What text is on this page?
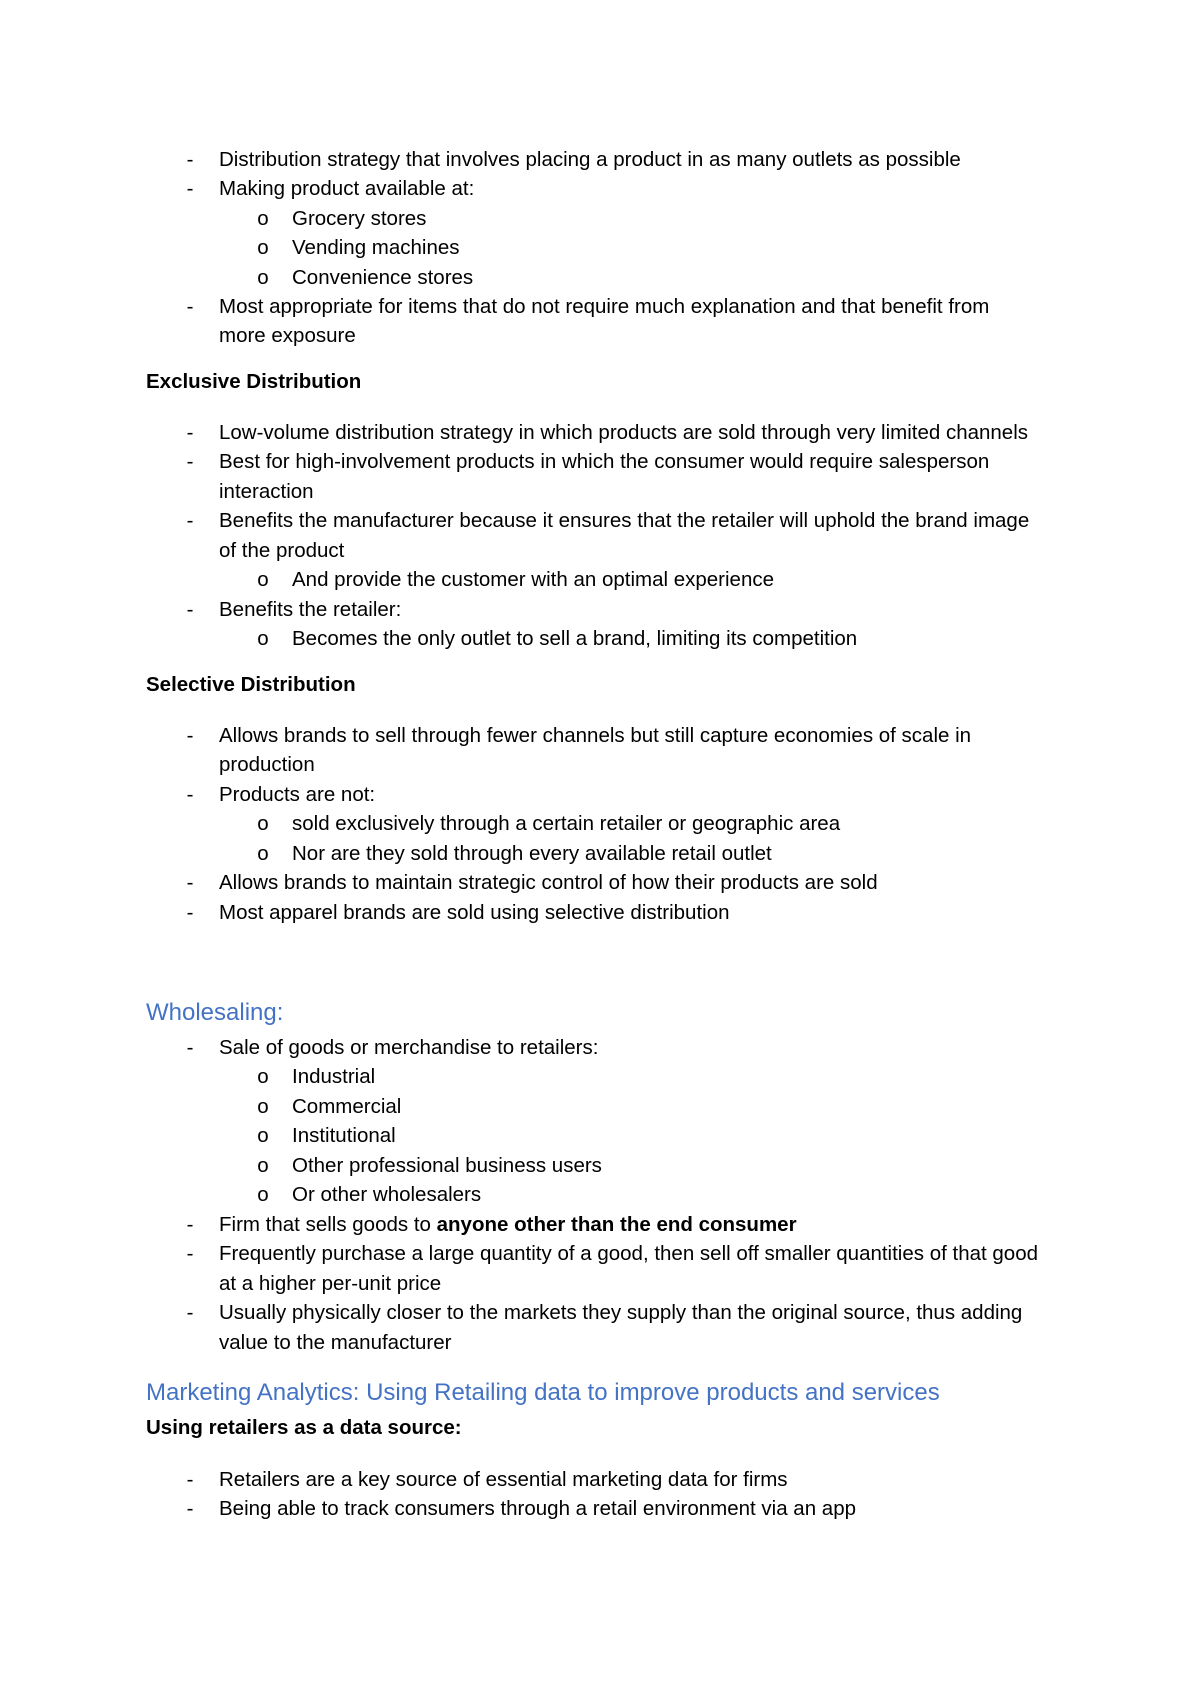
- Distribution strategy that involves placing a product in as many outlets as possible
- Making product available at:
o Grocery stores
o Vending machines
o Convenience stores
- Most appropriate for items that do not require much explanation and that benefit from
more exposure
Exclusive Distribution
- Low-volume distribution strategy in which products are sold through very limited channels
- Best for high-involvement products in which the consumer would require salesperson
interaction
- Benefits the manufacturer because it ensures that the retailer will uphold the brand image
of the product
o And provide the customer with an optimal experience
- Benefits the retailer:
o Becomes the only outlet to sell a brand, limiting its competition
Selective Distribution
- Allows brands to sell through fewer channels but still capture economies of scale in
production
- Products are not:
o sold exclusively through a certain retailer or geographic area
o Nor are they sold through every available retail outlet
- Allows brands to maintain strategic control of how their products are sold
- Most apparel brands are sold using selective distribution
Wholesaling:
- Sale of goods or merchandise to retailers:
o Industrial
o Commercial
o Institutional
o Other professional business users
o Or other wholesalers
- Firm that sells goods to anyone other than the end consumer
- Frequently purchase a large quantity of a good, then sell off smaller quantities of that good
at a higher per-unit price
- Usually physically closer to the markets they supply than the original source, thus adding
value to the manufacturer
Marketing Analytics: Using Retailing data to improve products and services
Using retailers as a data source:
- Retailers are a key source of essential marketing data for firms
- Being able to track consumers through a retail environment via an app
